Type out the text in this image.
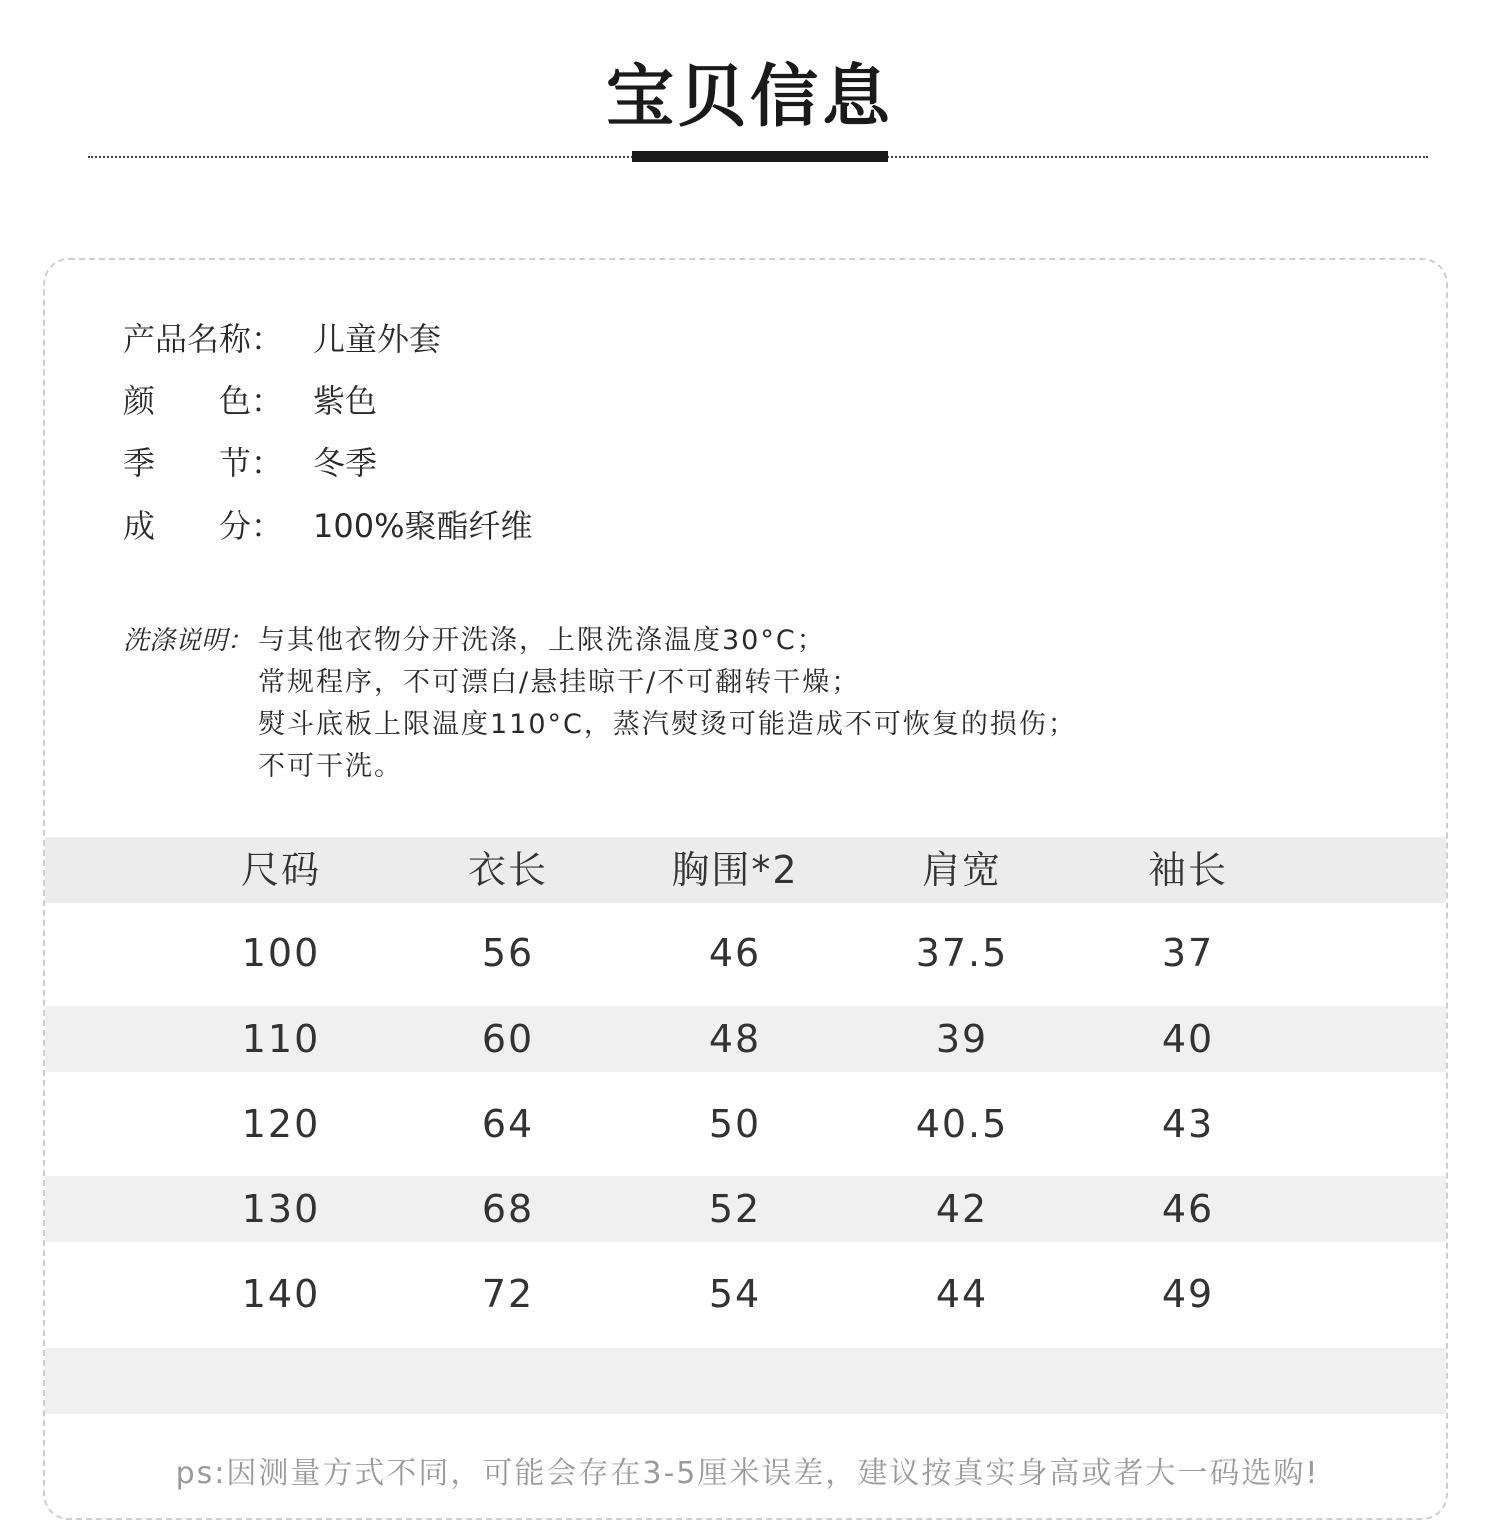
宝贝信息
产品名称： 儿童外套
颜　　色： 紫色
季　　节： 冬季
成　　分： 100%聚酯纤维
洗涤说明： 与其他衣物分开洗涤，上限洗涤温度30°C；
常规程序，不可漂白/悬挂晾干/不可翻转干燥；
熨斗底板上限温度110°C，蒸汽熨烫可能造成不可恢复的损伤；
不可干洗。
尺码	衣长	胸围*2	肩宽	袖长
100	56	46	37.5	37
110	60	48	39	40
120	64	50	40.5	43
130	68	52	42	46
140	72	54	44	49
ps:因测量方式不同，可能会存在3-5厘米误差，建议按真实身高或者大一码选购!
